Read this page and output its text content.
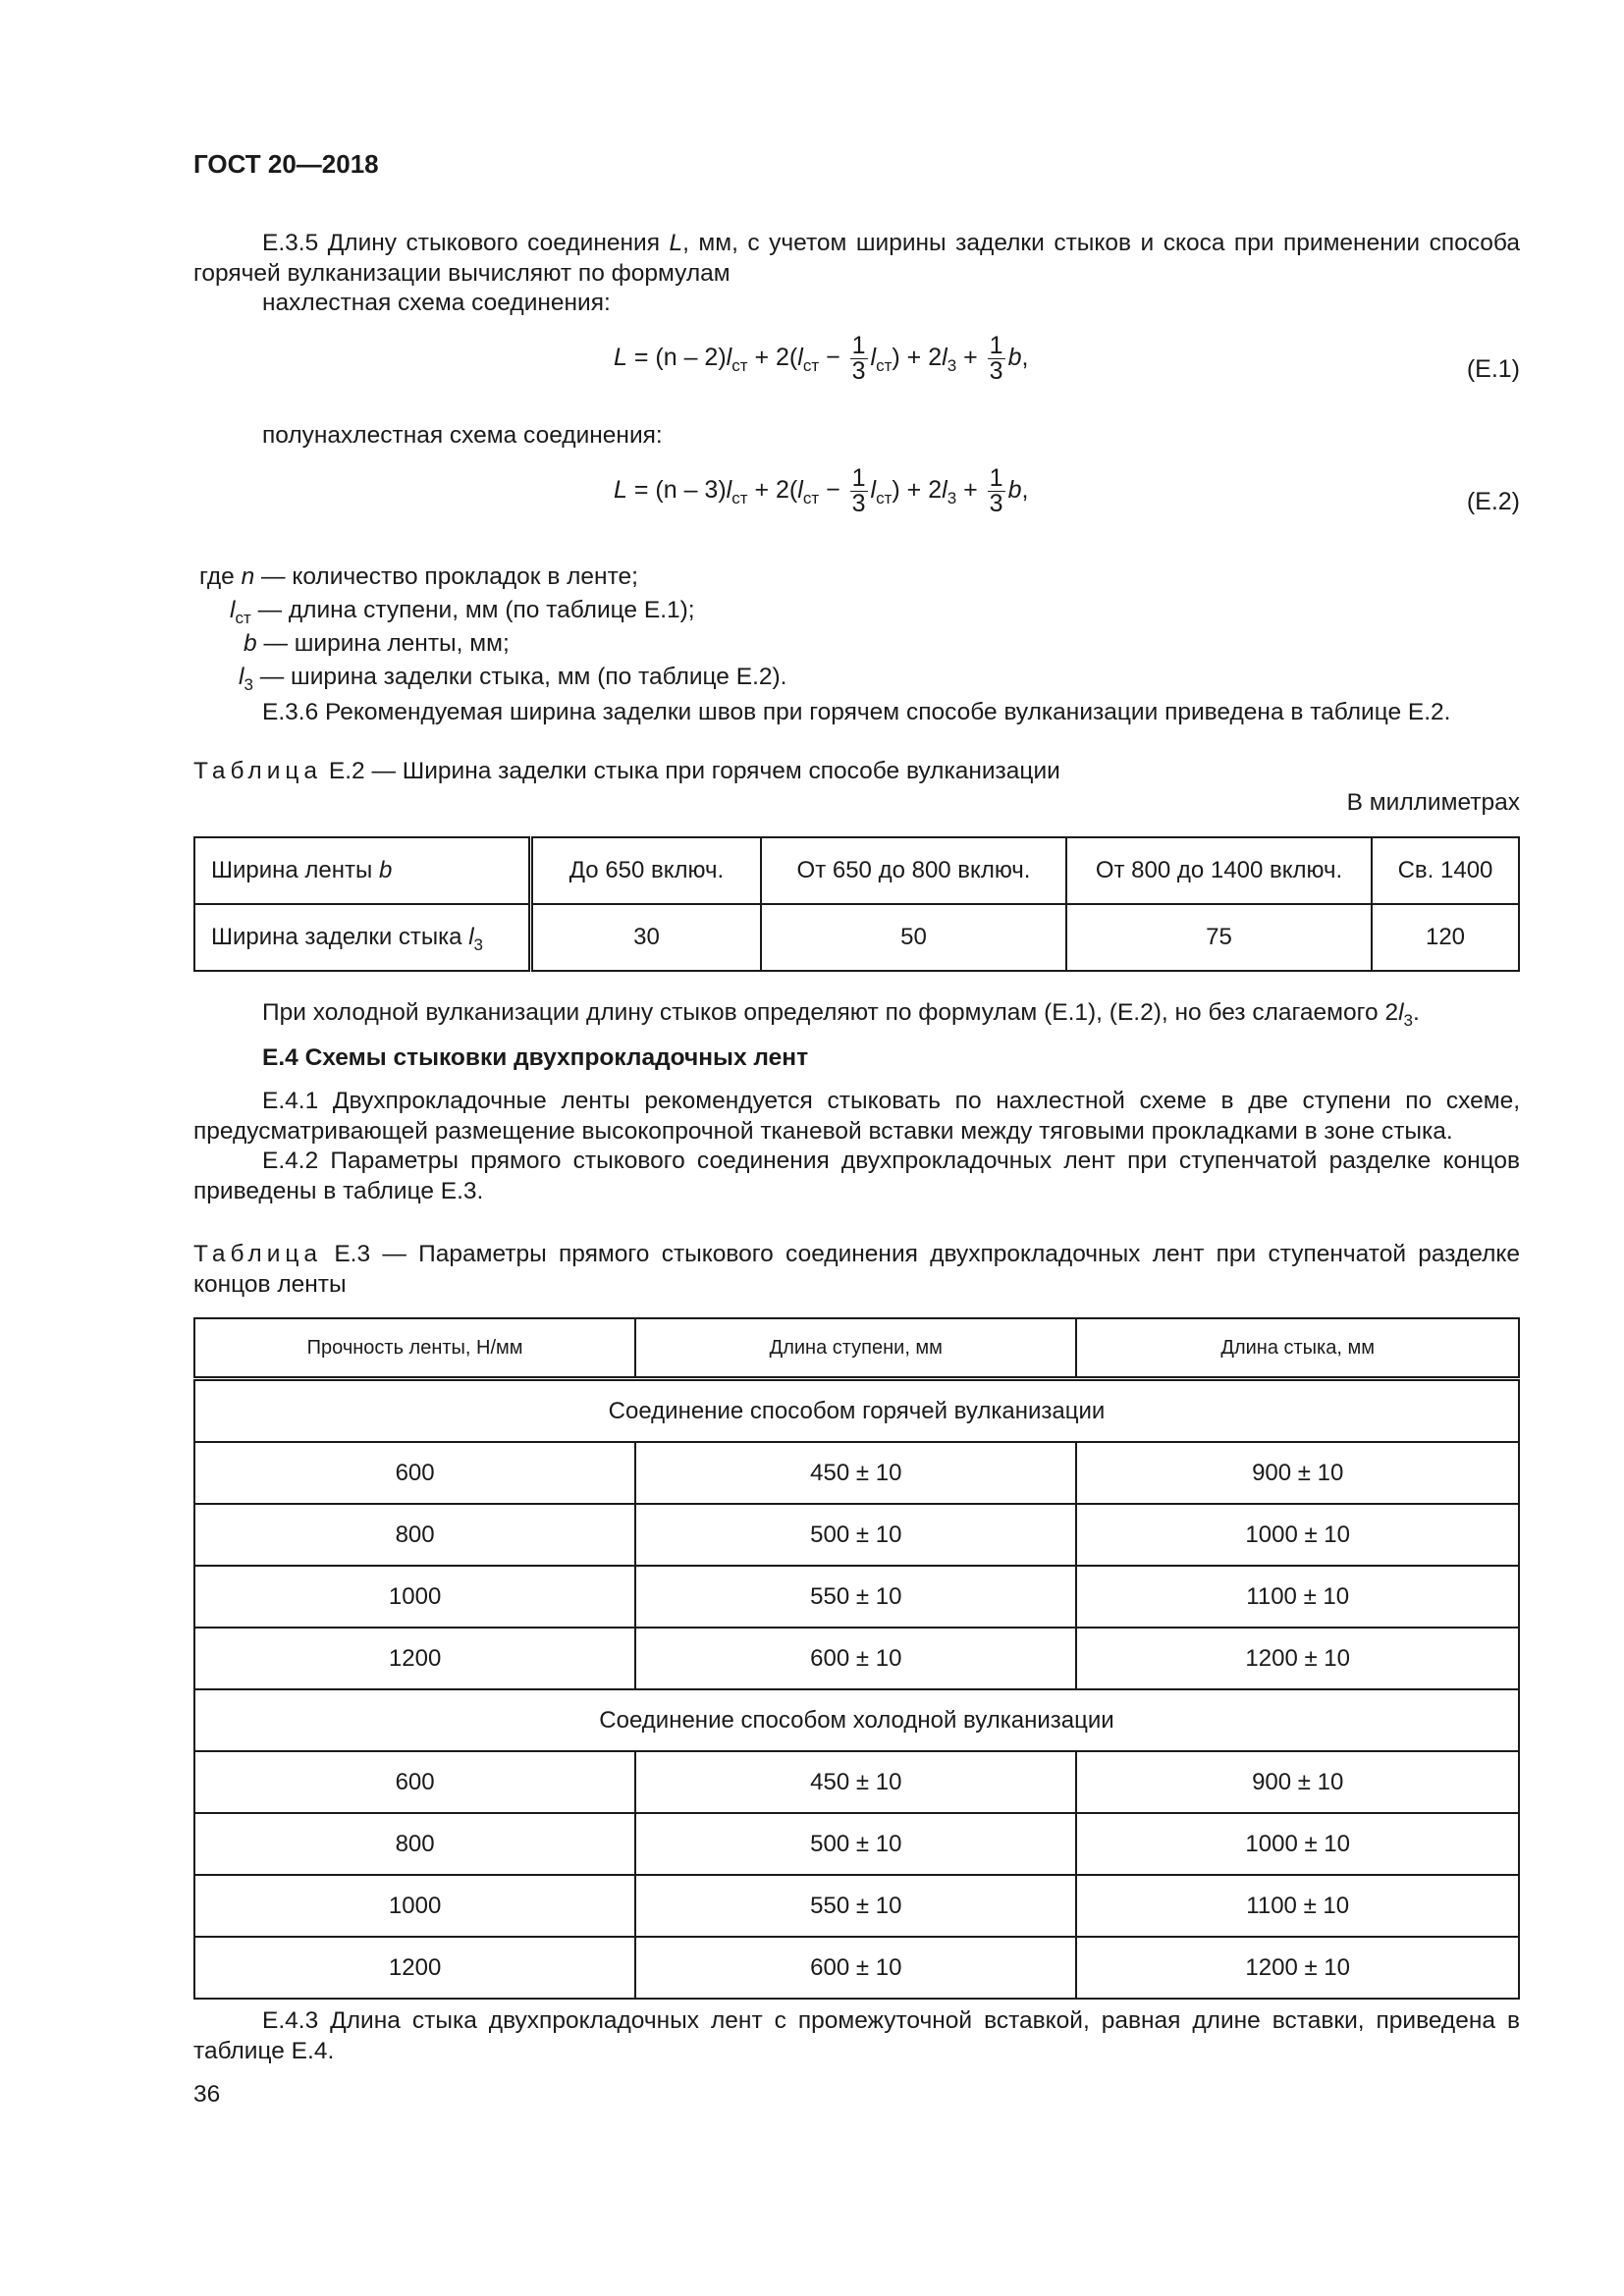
ГОСТ 20—2018
Е.3.5 Длину стыкового соединения L, мм, с учетом ширины заделки стыков и скоса при применении способа горячей вулканизации вычисляют по формулам
нахлестная схема соединения:
$L = (n - 2)l_{ст} + 2(l_{ст} - \frac{1}{3} l_{ст}) + 2l_3 + \frac{1}{3} b$,	(Е.1)
полунахлестная схема соединения:
$L = (n - 3)l_{ст} + 2(l_{ст} - \frac{1}{3} l_{ст}) + 2l_3 + \frac{1}{3} b$,	(Е.2)
где n — количество прокладок в ленте;
$l_{ст}$ — длина ступени, мм (по таблице Е.1);
b — ширина ленты, мм;
$l_3$ — ширина заделки стыка, мм (по таблице Е.2).
Е.3.6 Рекомендуемая ширина заделки швов при горячем способе вулканизации приведена в таблице Е.2.
Таблица Е.2 — Ширина заделки стыка при горячем способе вулканизации
В миллиметрах
Ширина ленты b	До 650 включ.	От 650 до 800 включ.	От 800 до 1400 включ.	Св. 1400
Ширина заделки стыка $l_3$	30	50	75	120
При холодной вулканизации длину стыков определяют по формулам (Е.1), (Е.2), но без слагаемого $2l_3$.
Е.4 Схемы стыковки двухпрокладочных лент
Е.4.1 Двухпрокладочные ленты рекомендуется стыковать по нахлестной схеме в две ступени по схеме, предусматривающей размещение высокопрочной тканевой вставки между тяговыми прокладками в зоне стыка.
Е.4.2 Параметры прямого стыкового соединения двухпрокладочных лент при ступенчатой разделке концов приведены в таблице Е.3.
Таблица Е.3 — Параметры прямого стыкового соединения двухпрокладочных лент при ступенчатой разделке концов ленты
Прочность ленты, Н/мм	Длина ступени, мм	Длина стыка, мм
Соединение способом горячей вулканизации		
600	450 ± 10	900 ± 10
800	500 ± 10	1000 ± 10
1000	550 ± 10	1100 ± 10
1200	600 ± 10	1200 ± 10
Соединение способом холодной вулканизации		
600	450 ± 10	900 ± 10
800	500 ± 10	1000 ± 10
1000	550 ± 10	1100 ± 10
1200	600 ± 10	1200 ± 10
Е.4.3 Длина стыка двухпрокладочных лент с промежуточной вставкой, равная длине вставки, приведена в таблице Е.4.
36
